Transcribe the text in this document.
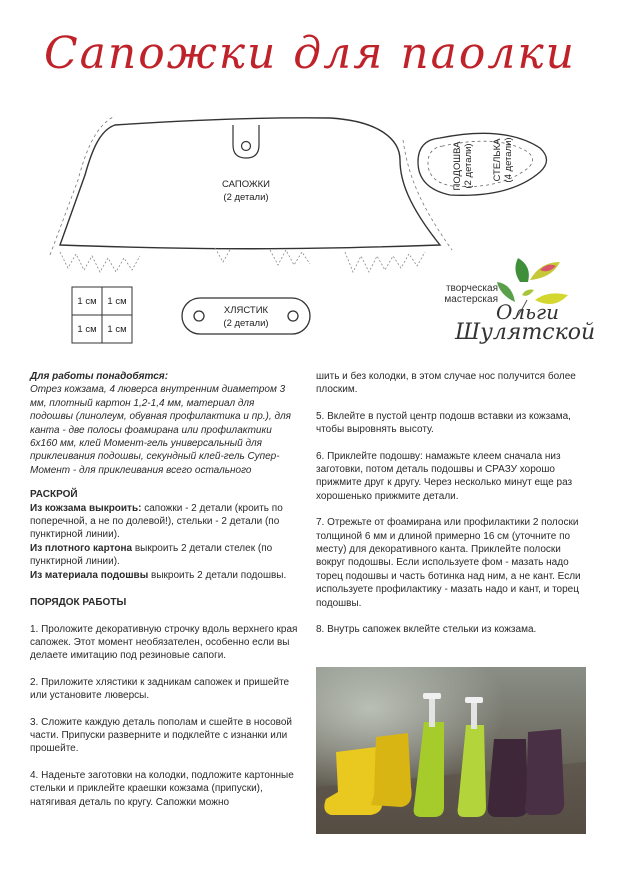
Сапожки для паолки
САПОЖКИ
(2 детали)
ПОДОШВА (2 детали) СТЕЛЬКА (4 детали)
1 см 1 см
1 см 1 см
ХЛЯСТИК
(2 детали)
творческая
мастерская
Ольги
Шулятской

Для работы понадобятся:

Отрез кожзама, 4 люверса внутренним диаметром 3 мм, плотный картон 1,2-1,4 мм, материал для подошвы (линолеум, обувная профилактика и пр.), для канта - две полосы фоамирана или профилактики 6х160 мм, клей Момент-гель универсальный для приклеивания подошвы, секундный клей-гель Супер-Момент - для приклеивания всего остального

РАСКРОЙ

Из кожзама выкроить: сапожки - 2 детали (кроить по поперечной, а не по долевой!), стельки - 2 детали (по пунктирной линии).

Из плотного картона выкроить 2 детали стелек (по пунктирной линии).

Из материала подошвы выкроить 2 детали подошвы.

ПОРЯДОК РАБОТЫ

1. Проложите декоративную строчку вдоль верхнего края сапожек. Этот момент необязателен, особенно если вы делаете имитацию под резиновые сапоги.

2. Приложите хлястики к задникам сапожек и пришейте или установите люверсы.

3. Сложите каждую деталь пополам и сшейте в носовой части. Припуски разверните и подклейте с изнанки или прошейте.

4. Наденьте заготовки на колодки, подложите картонные стельки и приклейте краешки кожзама (припуски), натягивая деталь по кругу. Сапожки можно

шить и без колодки, в этом случае нос получится более плоским.

5. Вклейте в пустой центр подошв вставки из кожзама, чтобы выровнять высоту.

6. Приклейте подошву: намажьте клеем сначала низ заготовки, потом деталь подошвы и СРАЗУ хорошо прижмите друг к другу. Через несколько минут еще раз хорошенько прижмите детали.

7. Отрежьте от фоамирана или профилактики 2 полоски толщиной 6 мм и длиной примерно 16 см (уточните по месту) для декоративного канта. Приклейте полоски вокруг подошвы. Если используете фом - мазать надо торец подошвы и часть ботинка над ним, а не кант. Если используете профилактику - мазать надо и кант, и торец подошвы.

8. Внутрь сапожек вклейте стельки из кожзама.
